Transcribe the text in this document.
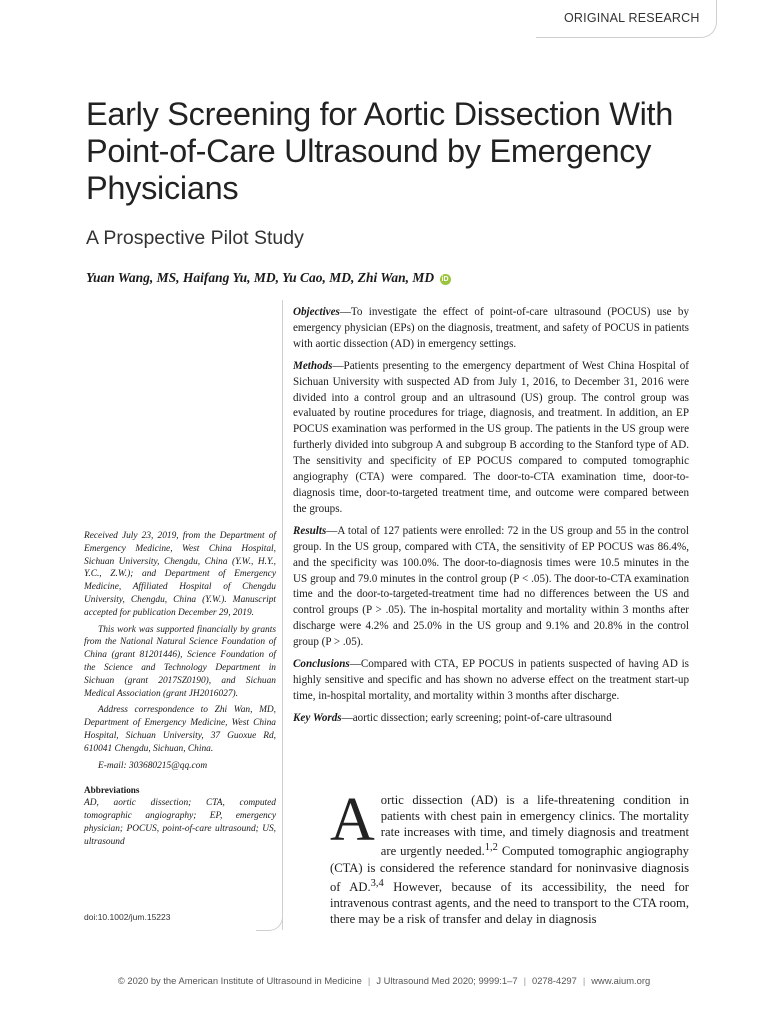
ORIGINAL RESEARCH
Early Screening for Aortic Dissection With Point-of-Care Ultrasound by Emergency Physicians
A Prospective Pilot Study
Yuan Wang, MS, Haifang Yu, MD, Yu Cao, MD, Zhi Wan, MD iD

Objectives—To investigate the effect of point-of-care ultrasound (POCUS) use by emergency physician (EPs) on the diagnosis, treatment, and safety of POCUS in patients with aortic dissection (AD) in emergency settings.

Methods—Patients presenting to the emergency department of West China Hospital of Sichuan University with suspected AD from July 1, 2016, to December 31, 2016 were divided into a control group and an ultrasound (US) group. The control group was evaluated by routine procedures for triage, diagnosis, and treatment. In addition, an EP POCUS examination was performed in the US group. The patients in the US group were furtherly divided into subgroup A and subgroup B according to the Stanford type of AD. The sensitivity and specificity of EP POCUS compared to computed tomographic angiography (CTA) were compared. The door-to-CTA examination time, door-to-diagnosis time, door-to-targeted treatment time, and outcome were compared between the groups.

Results—A total of 127 patients were enrolled: 72 in the US group and 55 in the control group. In the US group, compared with CTA, the sensitivity of EP POCUS was 86.4%, and the specificity was 100.0%. The door-to-diagnosis times were 10.5 minutes in the US group and 79.0 minutes in the control group (P < .05). The door-to-CTA examination time and the door-to-targeted-treatment time had no differences between the US and control groups (P > .05). The in-hospital mortality and mortality within 3 months after discharge were 4.2% and 25.0% in the US group and 9.1% and 20.8% in the control group (P > .05).

Conclusions—Compared with CTA, EP POCUS in patients suspected of having AD is highly sensitive and specific and has shown no adverse effect on the treatment start-up time, in-hospital mortality, and mortality within 3 months after discharge.

Key Words—aortic dissection; early screening; point-of-care ultrasound

Received July 23, 2019, from the Department of Emergency Medicine, West China Hospital, Sichuan University, Chengdu, China (Y.W., H.Y., Y.C., Z.W.); and Department of Emergency Medicine, Affiliated Hospital of Chengdu University, Chengdu, China (Y.W.). Manuscript accepted for publication December 29, 2019.

This work was supported financially by grants from the National Natural Science Foundation of China (grant 81201446), Science Foundation of the Science and Technology Department in Sichuan (grant 2017SZ0190), and Sichuan Medical Association (grant JH2016027).

Address correspondence to Zhi Wan, MD, Department of Emergency Medicine, West China Hospital, Sichuan University, 37 Guoxue Rd, 610041 Chengdu, Sichuan, China.

E-mail: 303680215@qq.com

Abbreviations

AD, aortic dissection; CTA, computed tomographic angiography; EP, emergency physician; POCUS, point-of-care ultrasound; US, ultrasound

doi:10.1002/jum.15223
Aortic dissection (AD) is a life-threatening condition in patients with chest pain in emergency clinics. The mortality rate increases with time, and timely diagnosis and treatment are urgently needed.$^{1,2}$ Computed tomographic angiography (CTA) is considered the reference standard for noninvasive diagnosis of AD.$^{3,4}$ However, because of its accessibility, the need for intravenous contrast agents, and the need to transport to the CTA room, there may be a risk of transfer and delay in diagnosis
© 2020 by the American Institute of Ultrasound in Medicine | J Ultrasound Med 2020; 9999:1–7 | 0278-4297 | www.aium.org
